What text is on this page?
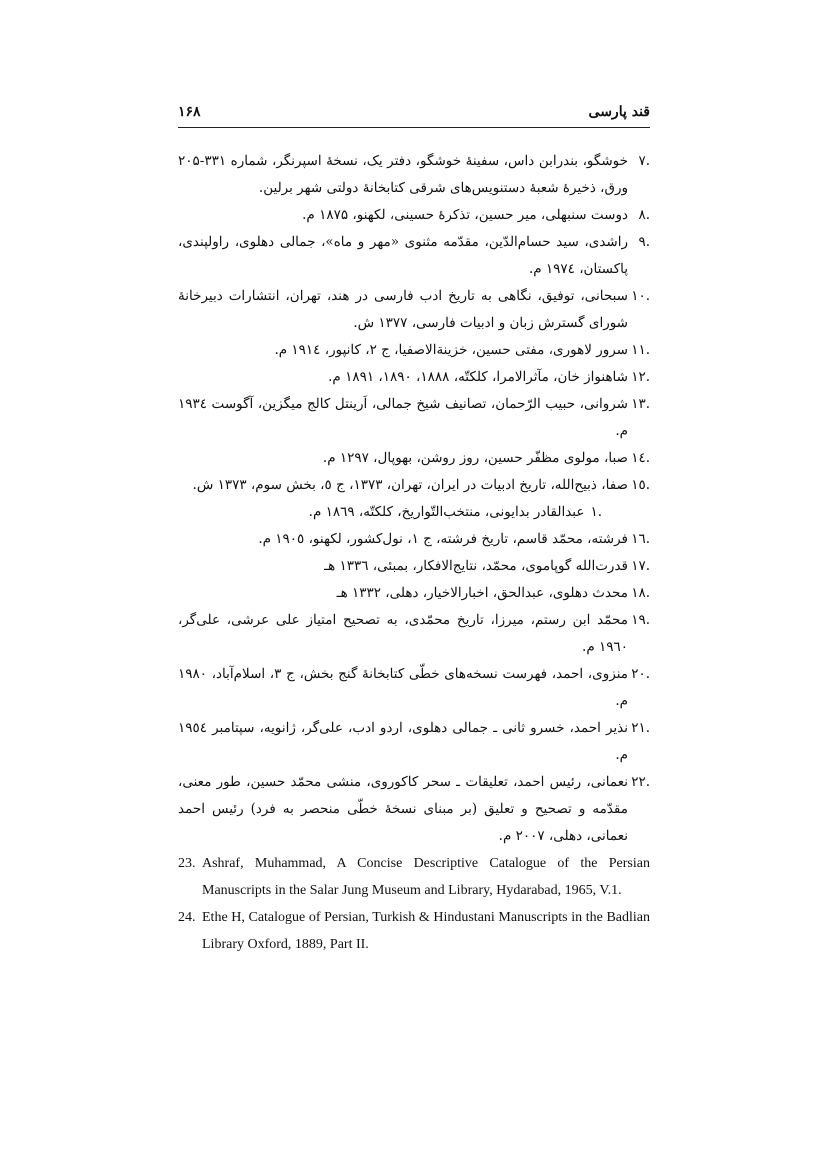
قند پارسی
۱۶۸

.۷
خوشگو، بندرابن داس، سفینهٔ خوشگو، دفتر یک، نسخهٔ اسپرنگر، شماره ۳۳۱-۲۰۵ ورق، ذخیرهٔ شعبهٔ دستنویس‌های شرقی کتابخانهٔ دولتی شهر برلین.

.۸
دوست سنبهلی، میر حسین، تذکرهٔ حسینی، لکهنو، ۱۸۷۵ م.

.۹
راشدی، سید حسام‌الدّین، مقدّمه مثنوی «مهر و ماه»، جمالی دهلوی، راولپندی، پاکستان، ۱۹۷٤ م.

.۱۰
سبحانی، توفیق، نگاهی به تاریخ ادب فارسی در هند، تهران، انتشارات دبیرخانهٔ شورای گسترش زبان و ادبیات فارسی، ۱۳۷۷ ش.

.۱۱
سرور لاهوری، مفتی حسین، خزینةالاصفیا، ج ۲، کانپور، ۱۹۱٤ م.

.۱۲
شاهنواز خان، مآثرالامرا، کلکتّه، ۱۸۸۸، ۱۸۹۰، ۱۸۹۱ م.

.۱۳
شروانی، حبیب الرّحمان، تصانیف شیخ جمالی، اَرینتل کالج میگزین، آگوست ۱۹۳٤ م.

.۱٤
صبا، مولوی مظفّر حسین، روز روشن، بهوپال، ۱۲۹۷ م.

.۱٥
صفا، ذبیح‌الله، تاریخ ادبیات در ایران، تهران، ۱۳۷۳، ج ٥، بخش سوم، ۱۳۷۳ ش.

.۱عبدالقادر بدایونی، منتخب‌التّواریخ، کلکتّه، ۱۸٦۹ م.

.۱٦
فرشته، محمّد قاسم، تاریخ فرشته، ج ۱، نول‌کشور، لکهنو، ۱۹۰٥ م.

.۱۷
قدرت‌الله گوپاموی، محمّد، نتایج‌الافکار، بمبئی، ۱۳۳٦ هـ

.۱۸
محدث دهلوی، عبدالحق، اخبارالاخیار، دهلی، ۱۳۳۲ هـ

.۱۹
محمّد ابن رستم، میرزا، تاریخ محمّدی، به تصحیح امتیاز علی عرشی، علی‌گر، ۱۹٦۰ م.

.۲۰
منزوی، احمد، فهرست نسخه‌های خطّی کتابخانهٔ گنج بخش، ج ۳، اسلام‌آباد، ۱۹۸۰ م.

.۲۱
نذیر احمد، خسرو ثانی ـ جمالی دهلوی، اردو ادب، علی‌گر، ژانویه، سپتامبر ۱۹٥٤ م.

.۲۲
نعمانی، رئیس احمد، تعلیقات ـ سحر کاکوروی، منشی محمّد حسین، طور معنی، مقدّمه و تصحیح و تعلیق (بر مبنای نسخهٔ خطّی منحصر به فرد) رئیس احمد نعمانی، دهلی، ۲۰۰۷ م.

23. Ashraf, Muhammad, A Concise Descriptive Catalogue of the Persian Manuscripts in the Salar Jung Museum and Library, Hydarabad, 1965, V.1.

24. Ethe H, Catalogue of Persian, Turkish & Hindustani Manuscripts in the Badlian Library Oxford, 1889, Part II.
